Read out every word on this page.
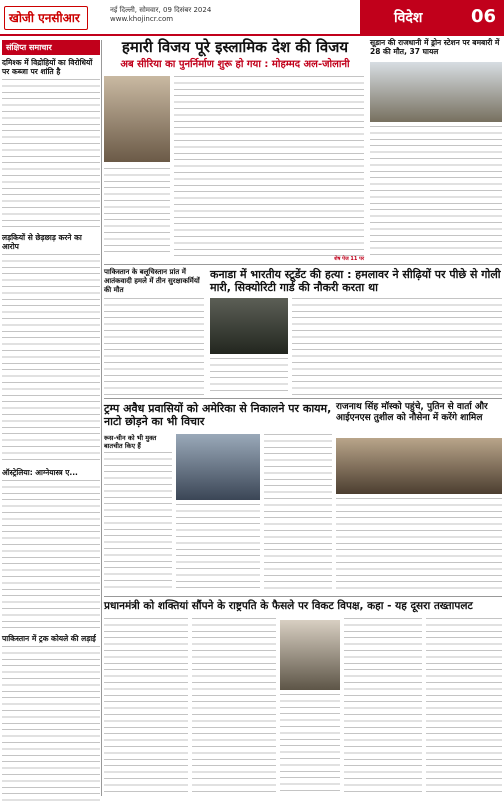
खोजी एनसीआर
नई दिल्ली, सोमवार, 09 दिसंबर 2024
www.khojincr.com	विदेश	06
संक्षिप्त समाचार
दमिश्क में विद्रोहियों का विरोधियों पर कब्जा पर शांति है
लड़कियों से छेड़छाड़ करने का आरोप
ऑस्ट्रेलिया: आग्नेयास्त्र ए...
पाकिस्तान में ट्रक कोयले की लड़ाई
हमारी विजय पूरे इस्लामिक देश की विजय
अब सीरिया का पुनर्निर्माण शुरू हो गया : मोहम्मद अल-जोलानी
शेष पेज 11 पर
सूडान की राजधानी में ड्रोन स्टेशन पर बमबारी में 28 की मौत, 37 घायल
पाकिस्तान के बलूचिस्तान प्रांत में आतंकवादी हमले में तीन सुरक्षाकर्मियों की मौत
कनाडा में भारतीय स्टूडेंट की हत्या : हमलावर ने सीढ़ियों पर पीछे से गोली मारी, सिक्योरिटी गार्ड की नौकरी करता था
ट्रम्प अवैध प्रवासियों को अमेरिका से निकालने पर कायम, नाटो छोड़ने का भी विचार
रूस-चीन को भी मुक्त बातचीत किए हैं
राजनाथ सिंह मॉस्को पहुंचे, पुतिन से वार्ता और आईएनएस तुशील को नौसेना में करेंगे शामिल
प्रधानमंत्री को शक्तियां सौंपने के राष्ट्रपति के फैसले पर विकट विपक्ष, कहा - यह दूसरा तख्तापलट
